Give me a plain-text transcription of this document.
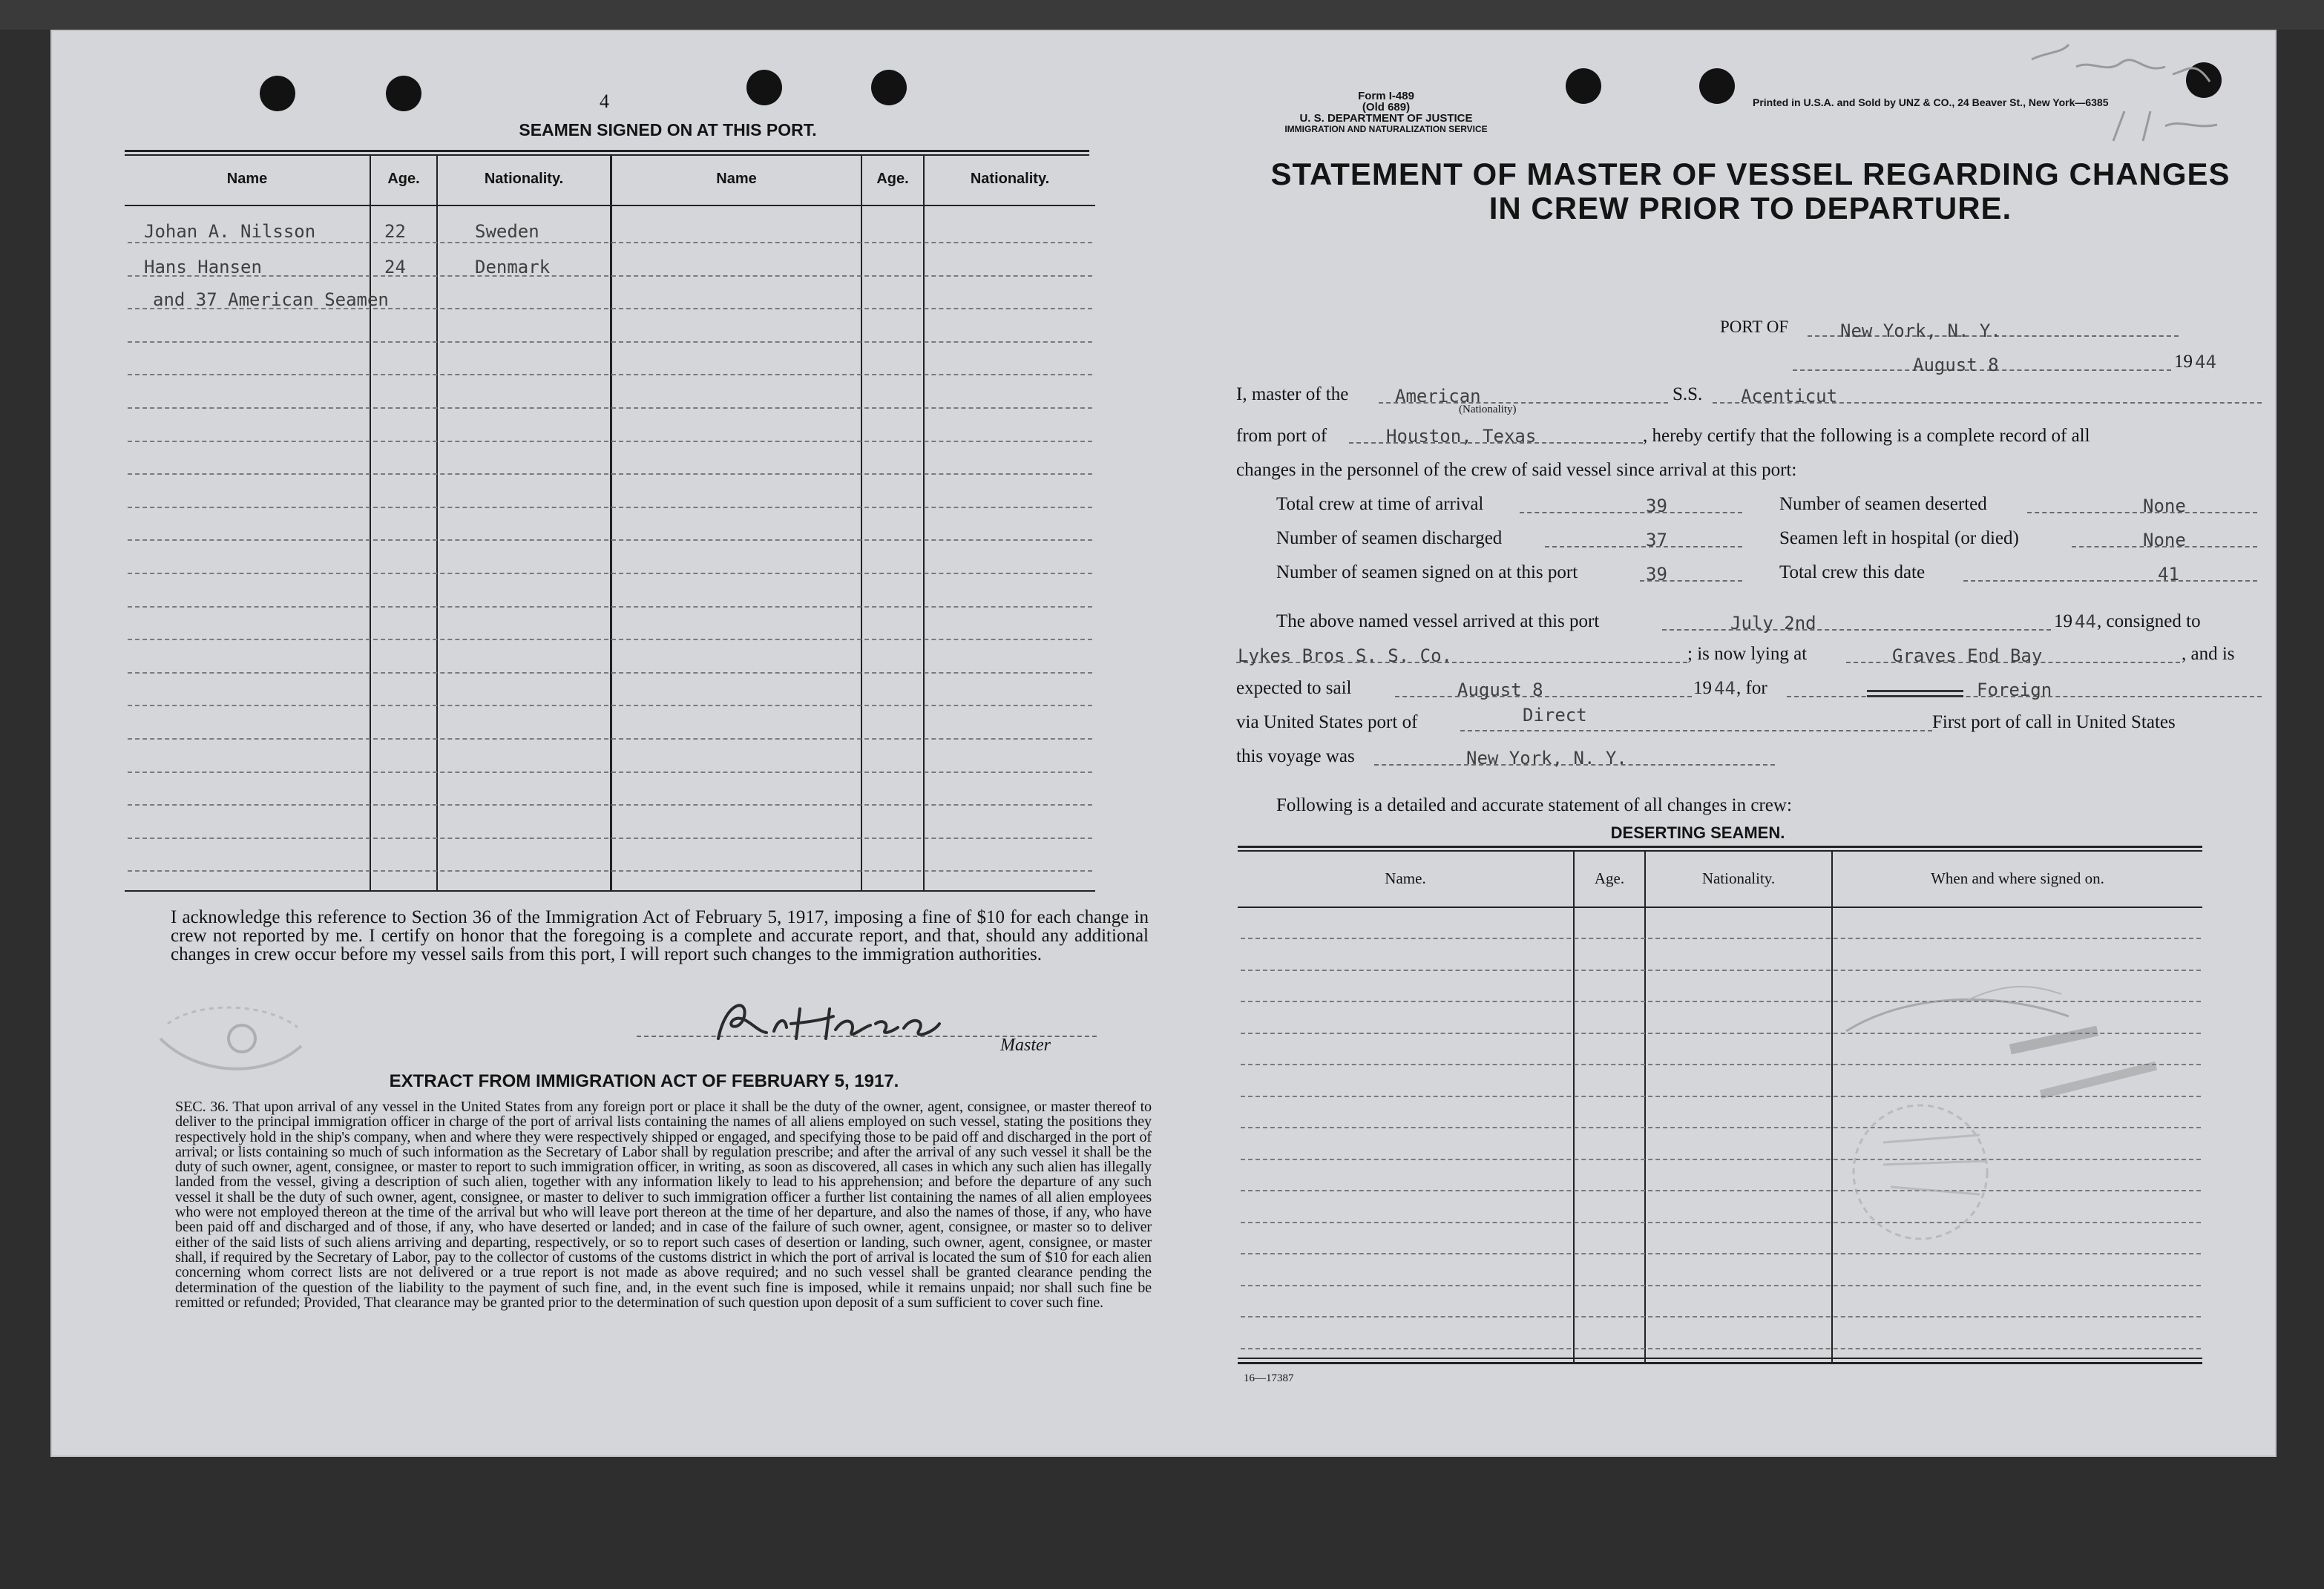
4
SEAMEN SIGNED ON AT THIS PORT.
Name	Age.	Nationality.	Name	Age.	Nationality.
Johan A. Nilsson	22	Sweden
Hans Hansen	24	Denmark
and 37 American Seamen
I acknowledge this reference to Section 36 of the Immigration Act of February 5, 1917, imposing a fine of $10 for each change in crew not reported by me. I certify on honor that the foregoing is a complete and accurate report, and that, should any additional changes in crew occur before my vessel sails from this port, I will report such changes to the immigration authorities.
Master
EXTRACT FROM IMMIGRATION ACT OF FEBRUARY 5, 1917.
SEC. 36. That upon arrival of any vessel in the United States from any foreign port or place it shall be the duty of the owner, agent, consignee, or master thereof to deliver to the principal immigration officer in charge of the port of arrival lists containing the names of all aliens employed on such vessel, stating the positions they respectively hold in the ship's company, when and where they were respectively shipped or engaged, and specifying those to be paid off and discharged in the port of arrival; or lists containing so much of such information as the Secretary of Labor shall by regulation prescribe; and after the arrival of any such vessel it shall be the duty of such owner, agent, consignee, or master to report to such immigration officer, in writing, as soon as discovered, all cases in which any such alien has illegally landed from the vessel, giving a description of such alien, together with any information likely to lead to his apprehension; and before the departure of any such vessel it shall be the duty of such owner, agent, consignee, or master to deliver to such immigration officer a further list containing the names of all alien employees who were not employed thereon at the time of the arrival but who will leave port thereon at the time of her departure, and also the names of those, if any, who have been paid off and discharged and of those, if any, who have deserted or landed; and in case of the failure of such owner, agent, consignee, or master so to deliver either of the said lists of such aliens arriving and departing, respectively, or so to report such cases of desertion or landing, such owner, agent, consignee, or master shall, if required by the Secretary of Labor, pay to the collector of customs of the customs district in which the port of arrival is located the sum of $10 for each alien concerning whom correct lists are not delivered or a true report is not made as above required; and no such vessel shall be granted clearance pending the determination of the question of the liability to the payment of such fine, and, in the event such fine is imposed, while it remains unpaid; nor shall such fine be remitted or refunded; Provided, That clearance may be granted prior to the determination of such question upon deposit of a sum sufficient to cover such fine.
Form I-489
(Old 689)
U. S. DEPARTMENT OF JUSTICE
IMMIGRATION AND NATURALIZATION SERVICE
Printed in U.S.A. and Sold by UNZ & CO., 24 Beaver St., New York—6385
STATEMENT OF MASTER OF VESSEL REGARDING CHANGES
IN CREW PRIOR TO DEPARTURE.
PORT OF	New York, N. Y.
August 8	19 44
I, master of the	American
(Nationality)
S.S. Acenticut
from port of	Houston, Texas	, hereby certify that the following is a complete record of all
changes in the personnel of the crew of said vessel since arrival at this port:
Total crew at time of arrival	39	Number of seamen deserted	None
Number of seamen discharged	37	Seamen left in hospital (or died)	None
Number of seamen signed on at this port	39	Total crew this date	41
The above named vessel arrived at this port	July 2nd	19 44 , consigned to
Lykes Bros S. S. Co.	; is now lying at	Graves End Bay	, and is
expected to sail	August 8	19 44 , for	Foreign
via United States port of	Direct	First port of call in United States
this voyage was	New York, N. Y.
Following is a detailed and accurate statement of all changes in crew:
DESERTING SEAMEN.
Name.	Age.	Nationality.	When and where signed on.
16—17387
